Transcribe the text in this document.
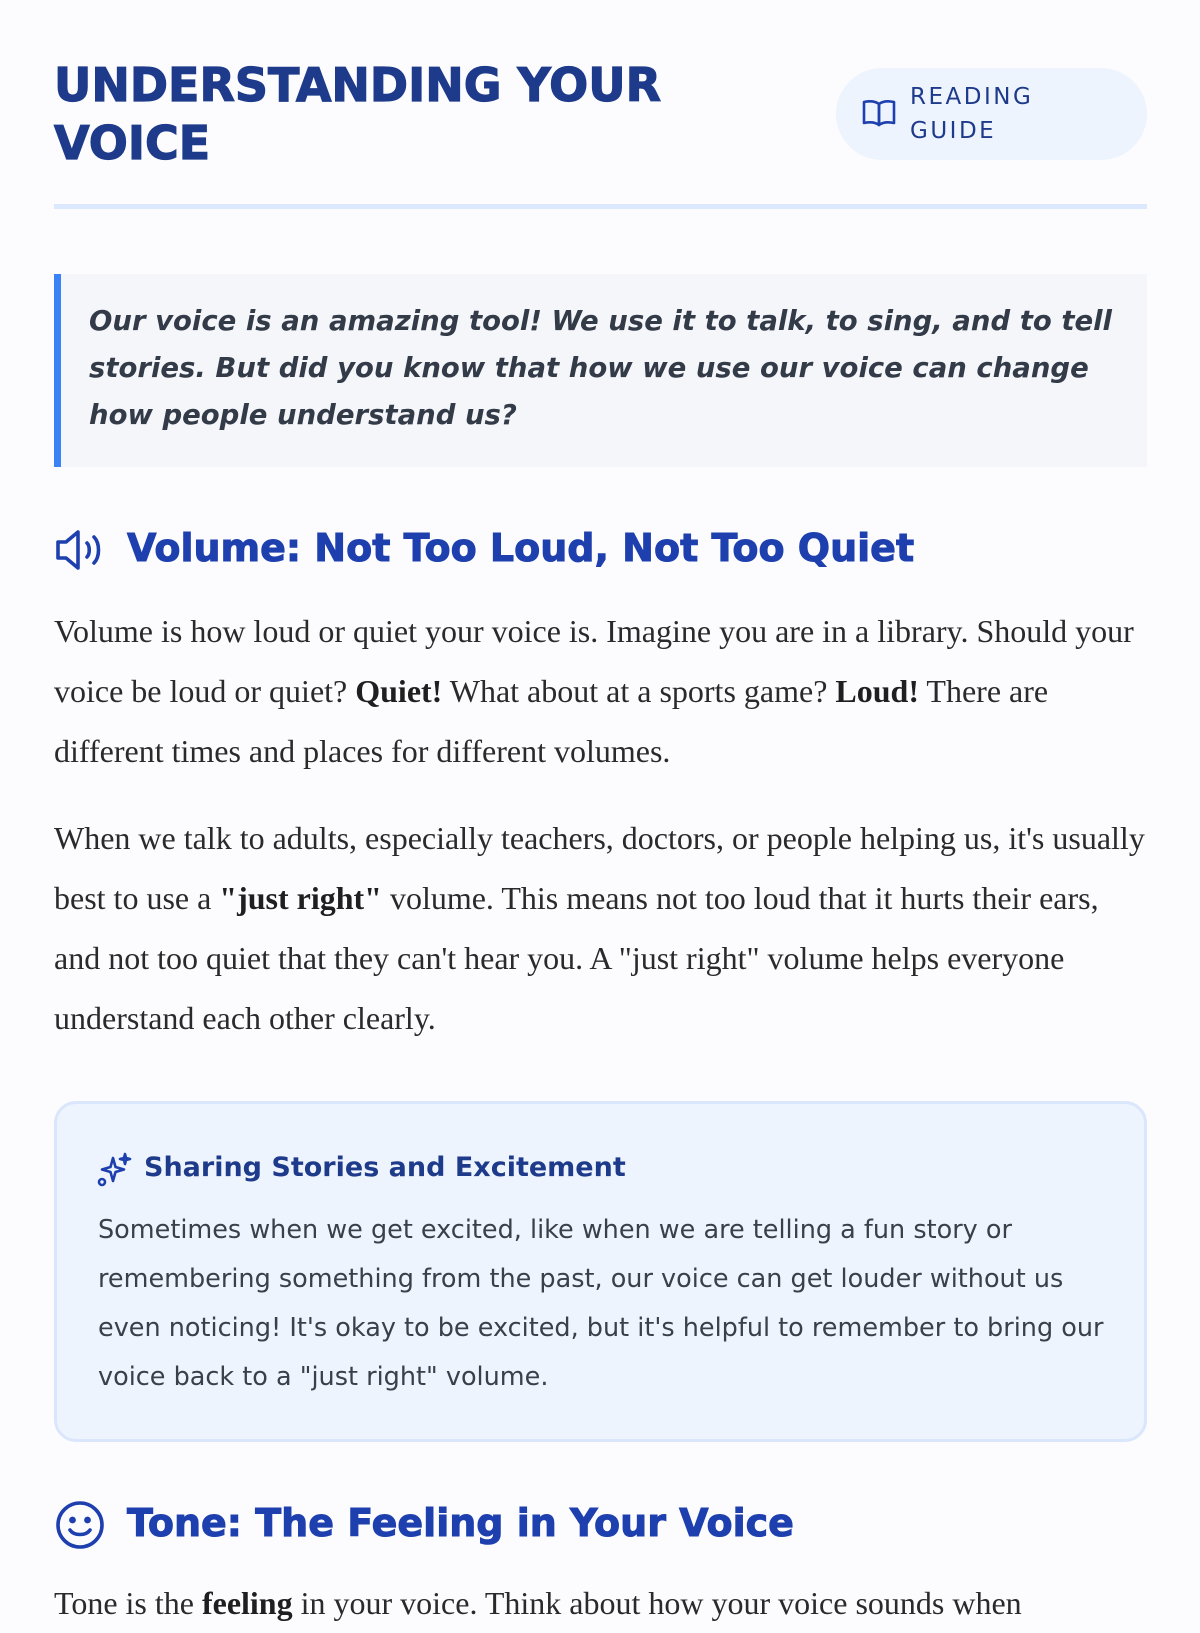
UNDERSTANDING YOUR VOICE
READING GUIDE

Our voice is an amazing tool! We use it to talk, to sing, and to tell stories. But did you know that how we use our voice can change how people understand us?

Volume: Not Too Loud, Not Too Quiet

Volume is how loud or quiet your voice is. Imagine you are in a library. Should your voice be loud or quiet? Quiet! What about at a sports game? Loud! There are different times and places for different volumes.

When we talk to adults, especially teachers, doctors, or people helping us, it's usually best to use a "just right" volume. This means not too loud that it hurts their ears, and not too quiet that they can't hear you. A "just right" volume helps everyone understand each other clearly.

Sharing Stories and Excitement

Sometimes when we get excited, like when we are telling a fun story or remembering something from the past, our voice can get louder without us even noticing! It's okay to be excited, but it's helpful to remember to bring our voice back to a "just right" volume.

Tone: The Feeling in Your Voice

Tone is the feeling in your voice. Think about how your voice sounds when
